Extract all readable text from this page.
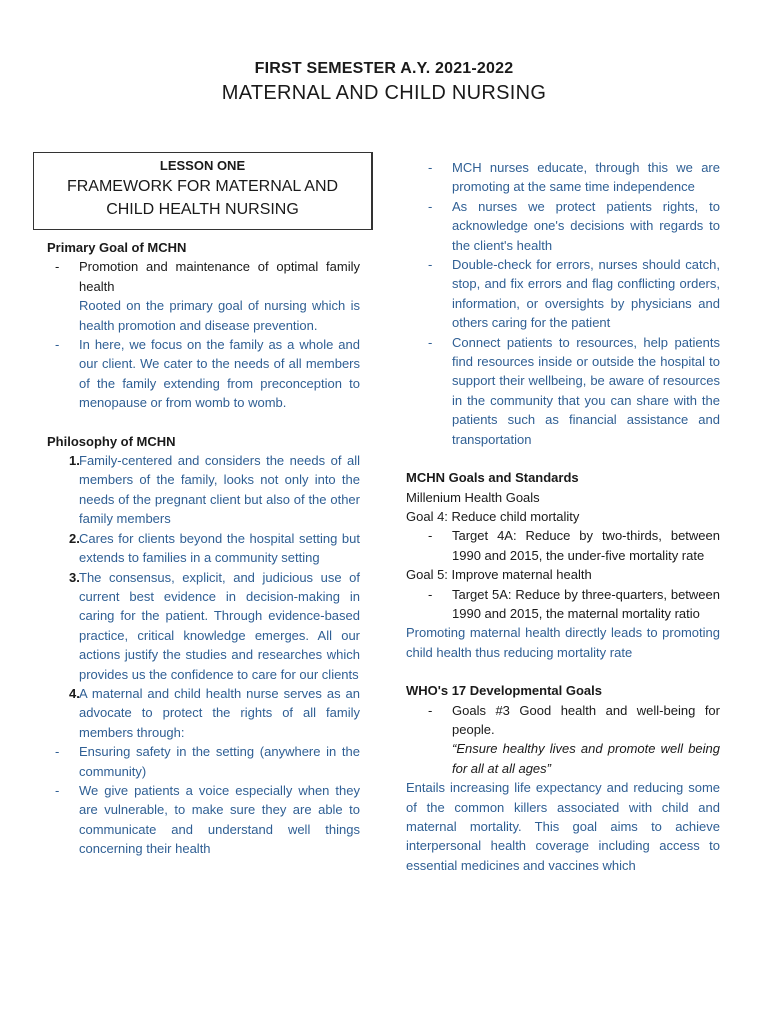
FIRST SEMESTER A.Y. 2021-2022
MATERNAL AND CHILD NURSING
LESSON ONE
FRAMEWORK FOR MATERNAL AND
CHILD HEALTH NURSING
Primary Goal of MCHN
- Promotion and maintenance of optimal family health
Rooted on the primary goal of nursing which is health promotion and disease prevention.
- In here, we focus on the family as a whole and our client. We cater to the needs of all members of the family extending from preconception to menopause or from womb to womb.
Philosophy of MCHN
1. Family-centered and considers the needs of all members of the family, looks not only into the needs of the pregnant client but also of the other family members
2. Cares for clients beyond the hospital setting but extends to families in a community setting
3. The consensus, explicit, and judicious use of current best evidence in decision-making in caring for the patient. Through evidence-based practice, critical knowledge emerges. All our actions justify the studies and researches which provides us the confidence to care for our clients
4. A maternal and child health nurse serves as an advocate to protect the rights of all family members through:
- Ensuring safety in the setting (anywhere in the community)
- We give patients a voice especially when they are vulnerable, to make sure they are able to communicate and understand well things concerning their health
- MCH nurses educate, through this we are promoting at the same time independence
- As nurses we protect patients rights, to acknowledge one's decisions with regards to the client's health
- Double-check for errors, nurses should catch, stop, and fix errors and flag conflicting orders, information, or oversights by physicians and others caring for the patient
- Connect patients to resources, help patients find resources inside or outside the hospital to support their wellbeing, be aware of resources in the community that you can share with the patients such as financial assistance and transportation
MCHN Goals and Standards
Millenium Health Goals
Goal 4: Reduce child mortality
- Target 4A: Reduce by two-thirds, between 1990 and 2015, the under-five mortality rate
Goal 5: Improve maternal health
- Target 5A: Reduce by three-quarters, between 1990 and 2015, the maternal mortality ratio
Promoting maternal health directly leads to promoting child health thus reducing mortality rate
WHO's 17 Developmental Goals
- Goals #3 Good health and well-being for people.
“Ensure healthy lives and promote well being for all at all ages”
Entails increasing life expectancy and reducing some of the common killers associated with child and maternal mortality. This goal aims to achieve interpersonal health coverage including access to essential medicines and vaccines which
